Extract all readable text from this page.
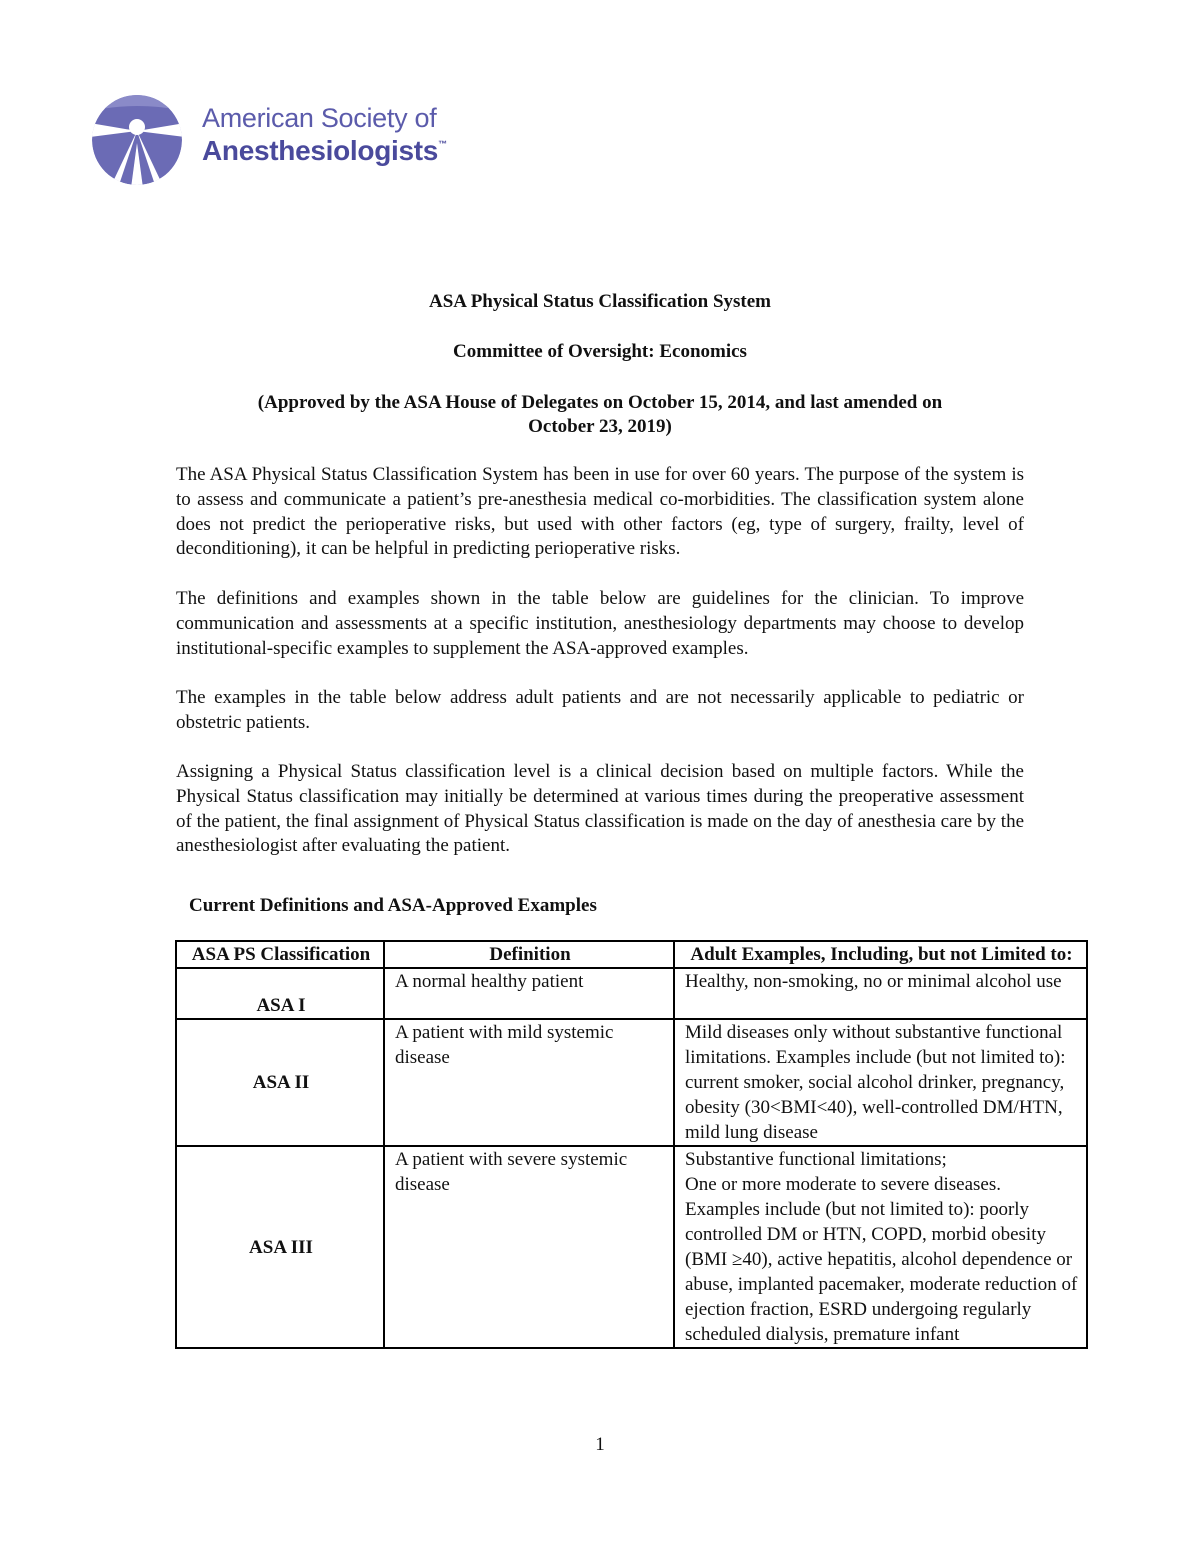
American Society of
Anesthesiologists™
ASA Physical Status Classification System
Committee of Oversight: Economics
(Approved by the ASA House of Delegates on October 15, 2014, and last amended on
October 23, 2019)
The ASA Physical Status Classification System has been in use for over 60 years. The purpose of the system is to assess and communicate a patient’s pre-anesthesia medical co-morbidities. The classification system alone does not predict the perioperative risks, but used with other factors (eg, type of surgery, frailty, level of deconditioning), it can be helpful in predicting perioperative risks.
The definitions and examples shown in the table below are guidelines for the clinician. To improve communication and assessments at a specific institution, anesthesiology departments may choose to develop institutional-specific examples to supplement the ASA-approved examples.
The examples in the table below address adult patients and are not necessarily applicable to pediatric or obstetric patients.
Assigning a Physical Status classification level is a clinical decision based on multiple factors. While the Physical Status classification may initially be determined at various times during the preoperative assessment of the patient, the final assignment of Physical Status classification is made on the day of anesthesia care by the anesthesiologist after evaluating the patient.
Current Definitions and ASA-Approved Examples
ASA PS Classification	Definition	Adult Examples, Including, but not Limited to:
ASA I	A normal healthy patient	Healthy, non-smoking, no or minimal alcohol use
ASA II	A patient with mild systemic disease	Mild diseases only without substantive functional limitations. Examples include (but not limited to): current smoker, social alcohol drinker, pregnancy, obesity (30<BMI<40), well-controlled DM/HTN, mild lung disease
ASA III	A patient with severe systemic disease	Substantive functional limitations;
One or more moderate to severe diseases.
Examples include (but not limited to): poorly controlled DM or HTN, COPD, morbid obesity (BMI ≥40), active hepatitis, alcohol dependence or abuse, implanted pacemaker, moderate reduction of ejection fraction, ESRD undergoing regularly scheduled dialysis, premature infant
1
